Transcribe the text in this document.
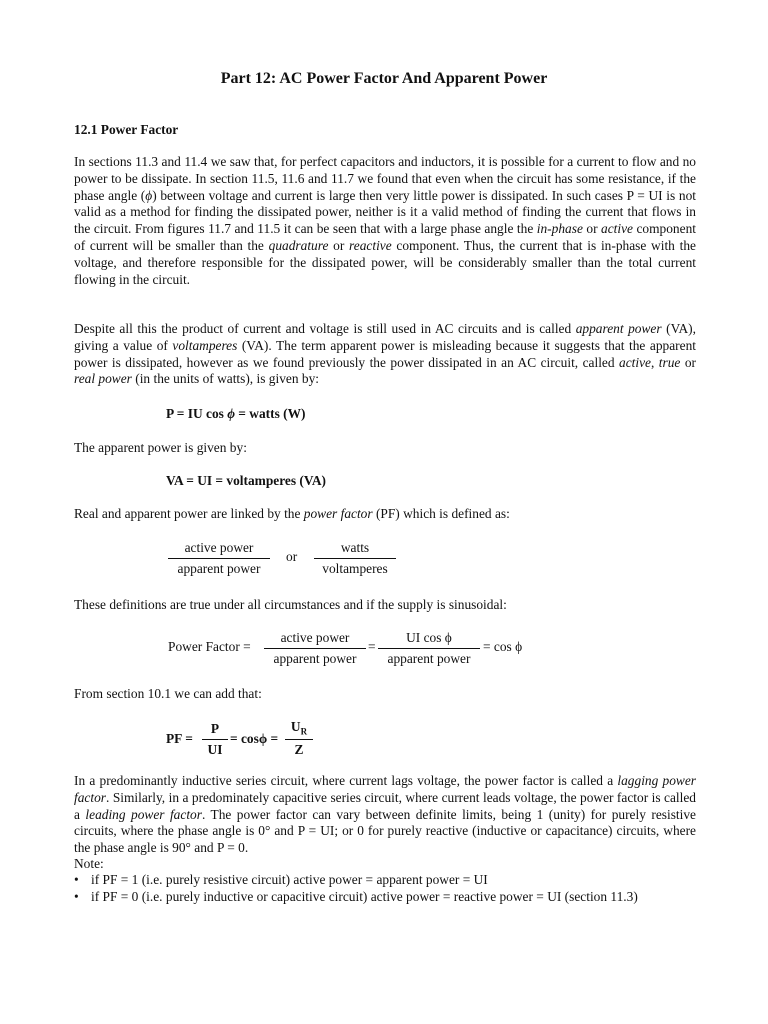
Part 12: AC Power Factor And Apparent Power
12.1 Power Factor

In sections 11.3 and 11.4 we saw that, for perfect capacitors and inductors, it is possible for a current to flow and no power to be dissipate. In section 11.5, 11.6 and 11.7 we found that even when the circuit has some resistance, if the phase angle (ϕ) between voltage and current is large then very little power is dissipated. In such cases P = UI is not valid as a method for finding the dissipated power, neither is it a valid method of finding the current that flows in the circuit. From figures 11.7 and 11.5 it can be seen that with a large phase angle the in-phase or active component of current will be smaller than the quadrature or reactive component. Thus, the current that is in-phase with the voltage, and therefore responsible for the dissipated power, will be considerably smaller than the total current flowing in the circuit.

Despite all this the product of current and voltage is still used in AC circuits and is called apparent power (VA), giving a value of voltamperes (VA). The term apparent power is misleading because it suggests that the apparent power is dissipated, however as we found previously the power dissipated in an AC circuit, called active, true or real power (in the units of watts), is given by:

P = IU cos ϕ = watts (W)
The apparent power is given by:
VA = UI = voltamperes (VA)
Real and apparent power are linked by the power factor (PF) which is defined as:
active power
apparent power
or
watts
voltamperes
These definitions are true under all circumstances and if the supply is sinusoidal:
Power Factor =
active power
apparent power
=
UI cos ϕ
apparent power
= cos ϕ
From section 10.1 we can add that:
PF = $\frac{P}{UI} = \cos\phi = \frac{U_R}{Z}$

In a predominantly inductive series circuit, where current lags voltage, the power factor is called a lagging power factor. Similarly, in a predominately capacitive series circuit, where current leads voltage, the power factor is called a leading power factor. The power factor can vary between definite limits, being 1 (unity) for purely resistive circuits, where the phase angle is 0° and P = UI; or 0 for purely reactive (inductive or capacitance) circuits, where the phase angle is 90° and P = 0.

Note:
• if PF = 1 (i.e. purely resistive circuit) active power = apparent power = UI
• if PF = 0 (i.e. purely inductive or capacitive circuit) active power = reactive power = UI (section 11.3)
